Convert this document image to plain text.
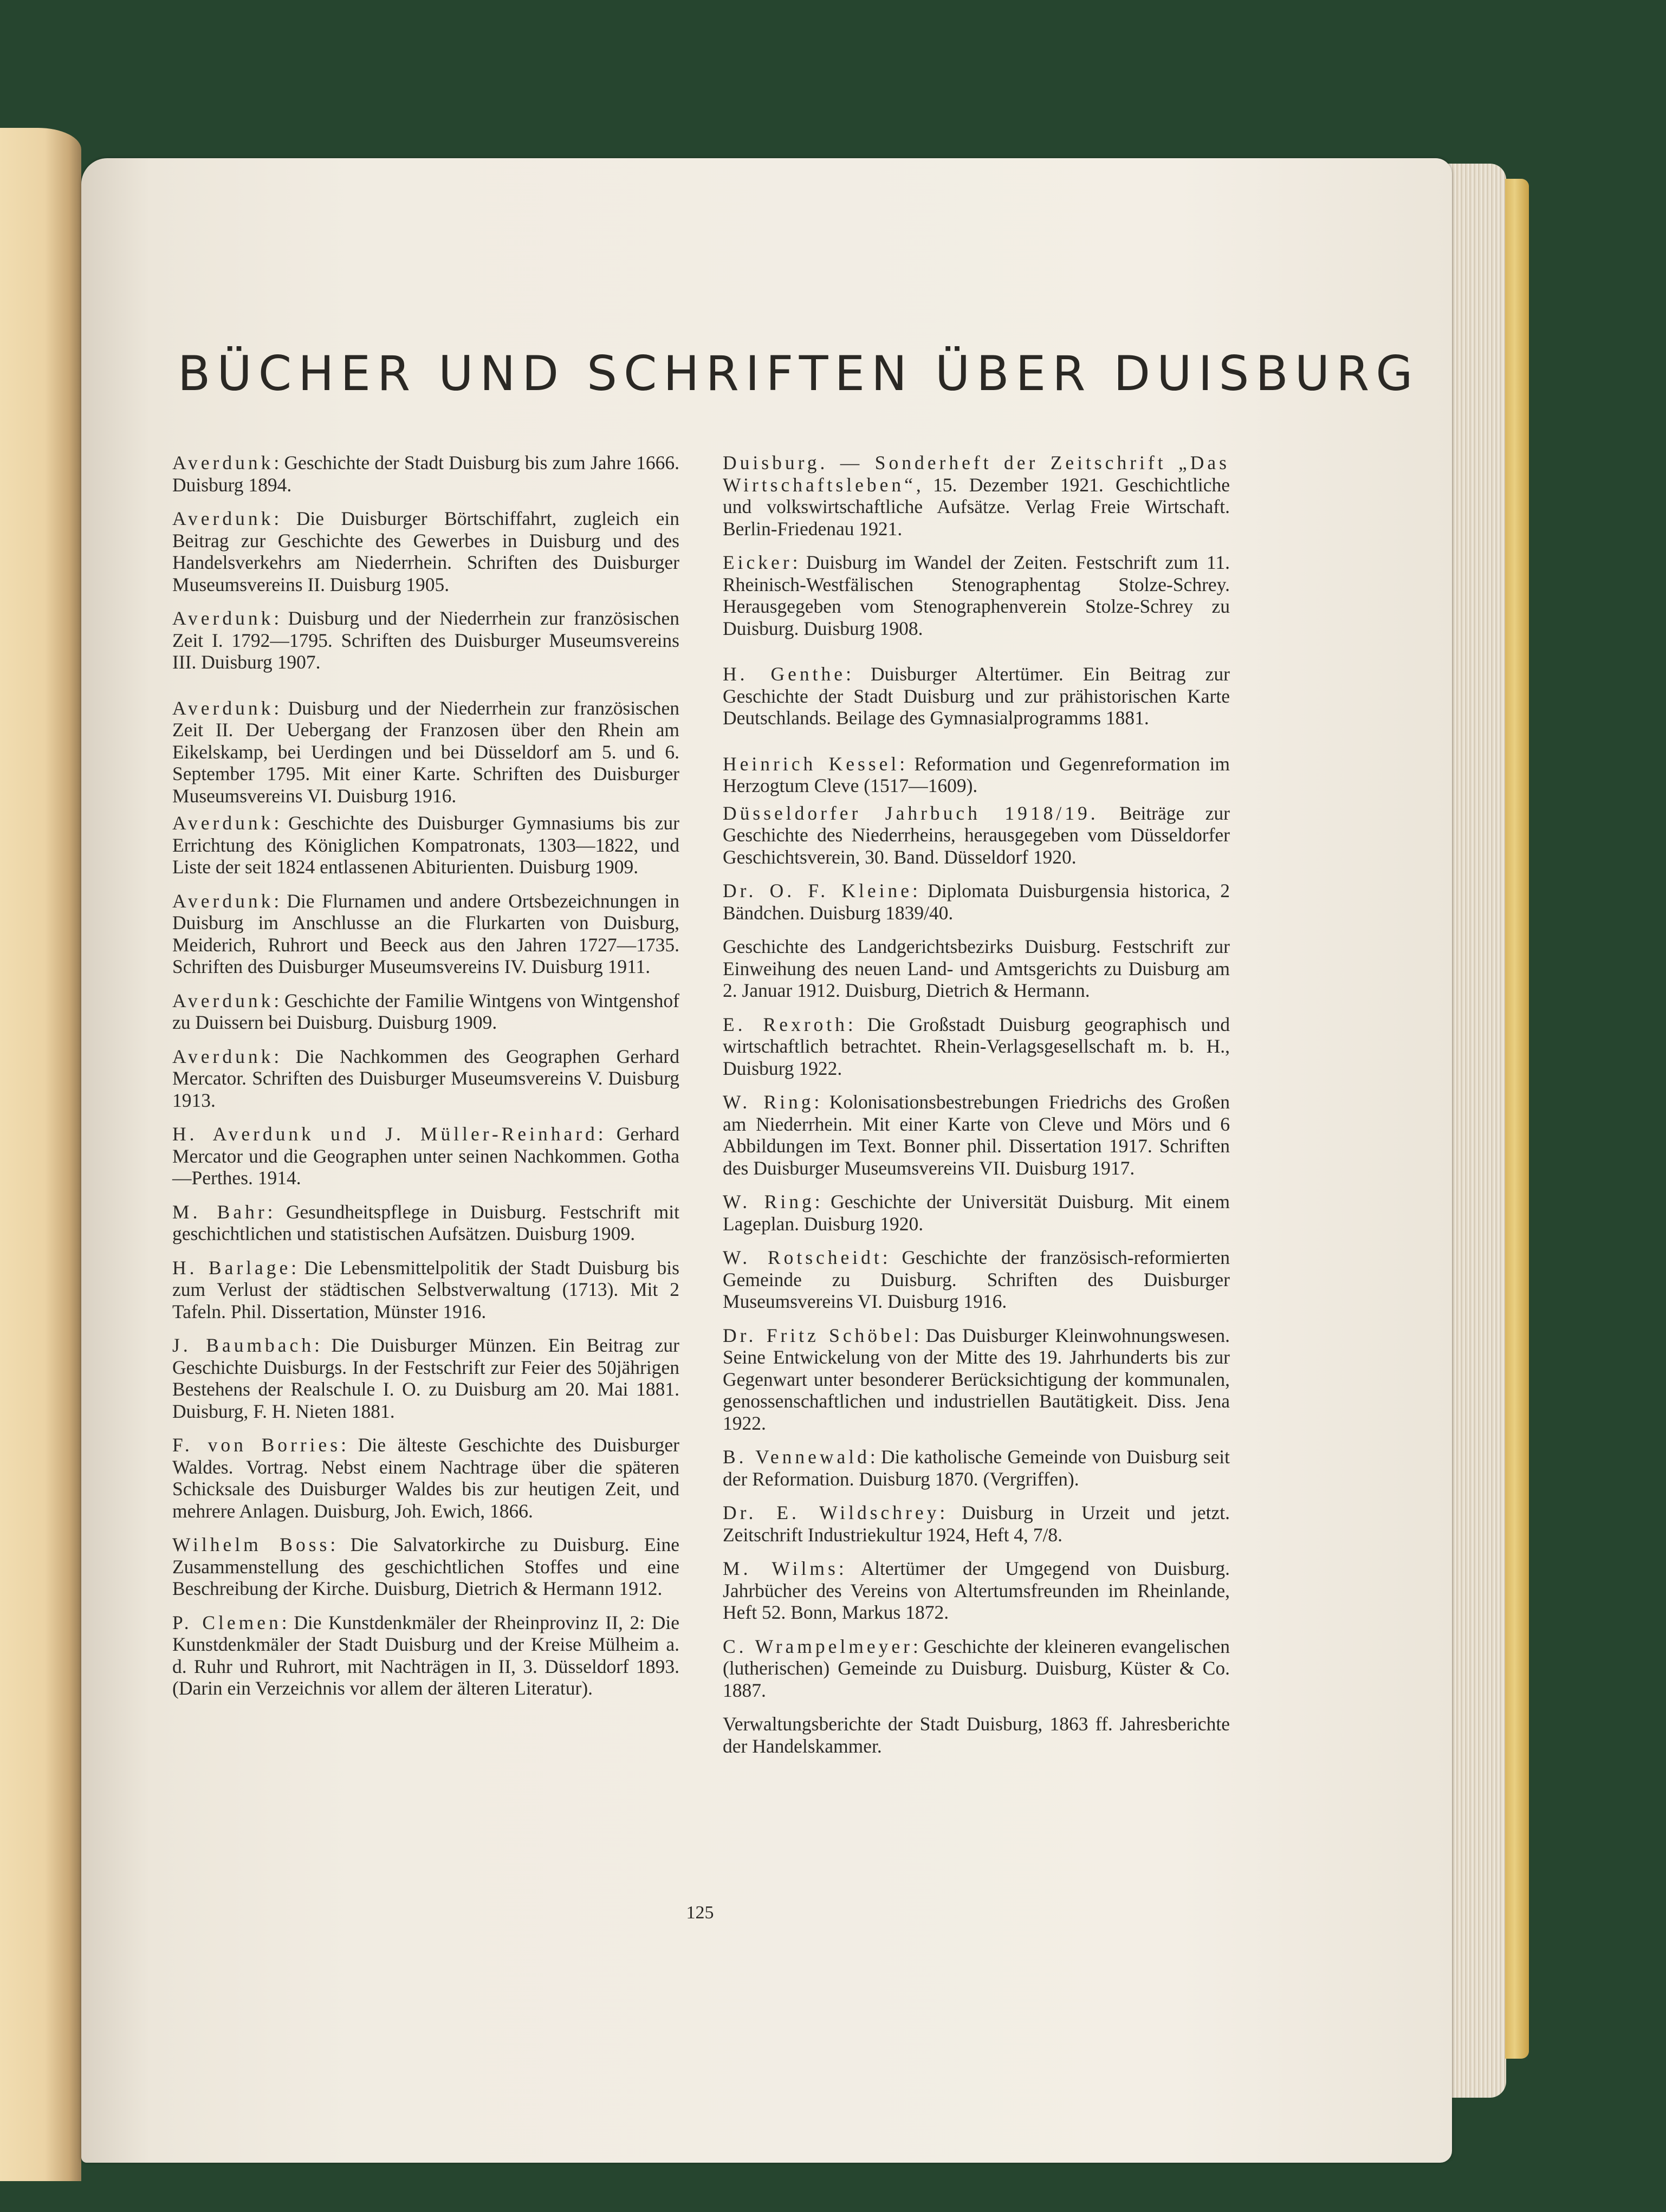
BÜCHER UND SCHRIFTEN ÜBER DUISBURG

Averdunk: Geschichte der Stadt Duisburg bis zum Jahre 1666. Duisburg 1894.

Averdunk: Die Duisburger Börtschiffahrt, zugleich ein Beitrag zur Geschichte des Gewerbes in Duisburg und des Handelsverkehrs am Niederrhein. Schriften des Duisburger Museumsvereins II. Duisburg 1905.

Averdunk: Duisburg und der Niederrhein zur französischen Zeit I. 1792—1795. Schriften des Duisburger Museumsvereins III. Duisburg 1907.

Averdunk: Duisburg und der Niederrhein zur französischen Zeit II. Der Uebergang der Franzosen über den Rhein am Eikelskamp, bei Uerdingen und bei Düsseldorf am 5. und 6. September 1795. Mit einer Karte. Schriften des Duisburger Museumsvereins VI. Duisburg 1916.

Averdunk: Geschichte des Duisburger Gymnasiums bis zur Errichtung des Königlichen Kompatronats, 1303—1822, und Liste der seit 1824 entlassenen Abiturienten. Duisburg 1909.

Averdunk: Die Flurnamen und andere Ortsbezeichnungen in Duisburg im Anschlusse an die Flurkarten von Duisburg, Meiderich, Ruhrort und Beeck aus den Jahren 1727—1735. Schriften des Duisburger Museumsvereins IV. Duisburg 1911.

Averdunk: Geschichte der Familie Wintgens von Wintgenshof zu Duissern bei Duisburg. Duisburg 1909.

Averdunk: Die Nachkommen des Geographen Gerhard Mercator. Schriften des Duisburger Museumsvereins V. Duisburg 1913.

H. Averdunk und J. Müller-Reinhard: Gerhard Mercator und die Geographen unter seinen Nachkommen. Gotha—Perthes. 1914.

M. Bahr: Gesundheitspflege in Duisburg. Festschrift mit geschichtlichen und statistischen Aufsätzen. Duisburg 1909.

H. Barlage: Die Lebensmittelpolitik der Stadt Duisburg bis zum Verlust der städtischen Selbstverwaltung (1713). Mit 2 Tafeln. Phil. Dissertation, Münster 1916.

J. Baumbach: Die Duisburger Münzen. Ein Beitrag zur Geschichte Duisburgs. In der Festschrift zur Feier des 50jährigen Bestehens der Realschule I. O. zu Duisburg am 20. Mai 1881. Duisburg, F. H. Nieten 1881.

F. von Borries: Die älteste Geschichte des Duisburger Waldes. Vortrag. Nebst einem Nachtrage über die späteren Schicksale des Duisburger Waldes bis zur heutigen Zeit, und mehrere Anlagen. Duisburg, Joh. Ewich, 1866.

Wilhelm Boss: Die Salvatorkirche zu Duisburg. Eine Zusammenstellung des geschichtlichen Stoffes und eine Beschreibung der Kirche. Duisburg, Dietrich & Hermann 1912.

P. Clemen: Die Kunstdenkmäler der Rheinprovinz II, 2: Die Kunstdenkmäler der Stadt Duisburg und der Kreise Mülheim a. d. Ruhr und Ruhrort, mit Nachträgen in II, 3. Düsseldorf 1893. (Darin ein Verzeichnis vor allem der älteren Literatur).

Duisburg. — Sonderheft der Zeitschrift „Das Wirtschaftsleben“, 15. Dezember 1921. Geschichtliche und volkswirtschaftliche Aufsätze. Verlag Freie Wirtschaft. Berlin-Friedenau 1921.

Eicker: Duisburg im Wandel der Zeiten. Festschrift zum 11. Rheinisch-Westfälischen Stenographentag Stolze-Schrey. Herausgegeben vom Stenographenverein Stolze-Schrey zu Duisburg. Duisburg 1908.

H. Genthe: Duisburger Altertümer. Ein Beitrag zur Geschichte der Stadt Duisburg und zur prähistorischen Karte Deutschlands. Beilage des Gymnasialprogramms 1881.

Heinrich Kessel: Reformation und Gegenreformation im Herzogtum Cleve (1517—1609).

Düsseldorfer Jahrbuch 1918/19. Beiträge zur Geschichte des Niederrheins, herausgegeben vom Düsseldorfer Geschichtsverein, 30. Band. Düsseldorf 1920.

Dr. O. F. Kleine: Diplomata Duisburgensia historica, 2 Bändchen. Duisburg 1839/40.

Geschichte des Landgerichtsbezirks Duisburg. Festschrift zur Einweihung des neuen Land- und Amtsgerichts zu Duisburg am 2. Januar 1912. Duisburg, Dietrich & Hermann.

E. Rexroth: Die Großstadt Duisburg geographisch und wirtschaftlich betrachtet. Rhein-Verlagsgesellschaft m. b. H., Duisburg 1922.

W. Ring: Kolonisationsbestrebungen Friedrichs des Großen am Niederrhein. Mit einer Karte von Cleve und Mörs und 6 Abbildungen im Text. Bonner phil. Dissertation 1917. Schriften des Duisburger Museumsvereins VII. Duisburg 1917.

W. Ring: Geschichte der Universität Duisburg. Mit einem Lageplan. Duisburg 1920.

W. Rotscheidt: Geschichte der französisch-reformierten Gemeinde zu Duisburg. Schriften des Duisburger Museumsvereins VI. Duisburg 1916.

Dr. Fritz Schöbel: Das Duisburger Kleinwohnungswesen. Seine Entwickelung von der Mitte des 19. Jahrhunderts bis zur Gegenwart unter besonderer Berücksichtigung der kommunalen, genossenschaftlichen und industriellen Bautätigkeit. Diss. Jena 1922.

B. Vennewald: Die katholische Gemeinde von Duisburg seit der Reformation. Duisburg 1870. (Vergriffen).

Dr. E. Wildschrey: Duisburg in Urzeit und jetzt. Zeitschrift Industriekultur 1924, Heft 4, 7/8.

M. Wilms: Altertümer der Umgegend von Duisburg. Jahrbücher des Vereins von Altertumsfreunden im Rheinlande, Heft 52. Bonn, Markus 1872.

C. Wrampelmeyer: Geschichte der kleineren evangelischen (lutherischen) Gemeinde zu Duisburg. Duisburg, Küster & Co. 1887.

Verwaltungsberichte der Stadt Duisburg, 1863 ff. Jahresberichte der Handelskammer.

125
